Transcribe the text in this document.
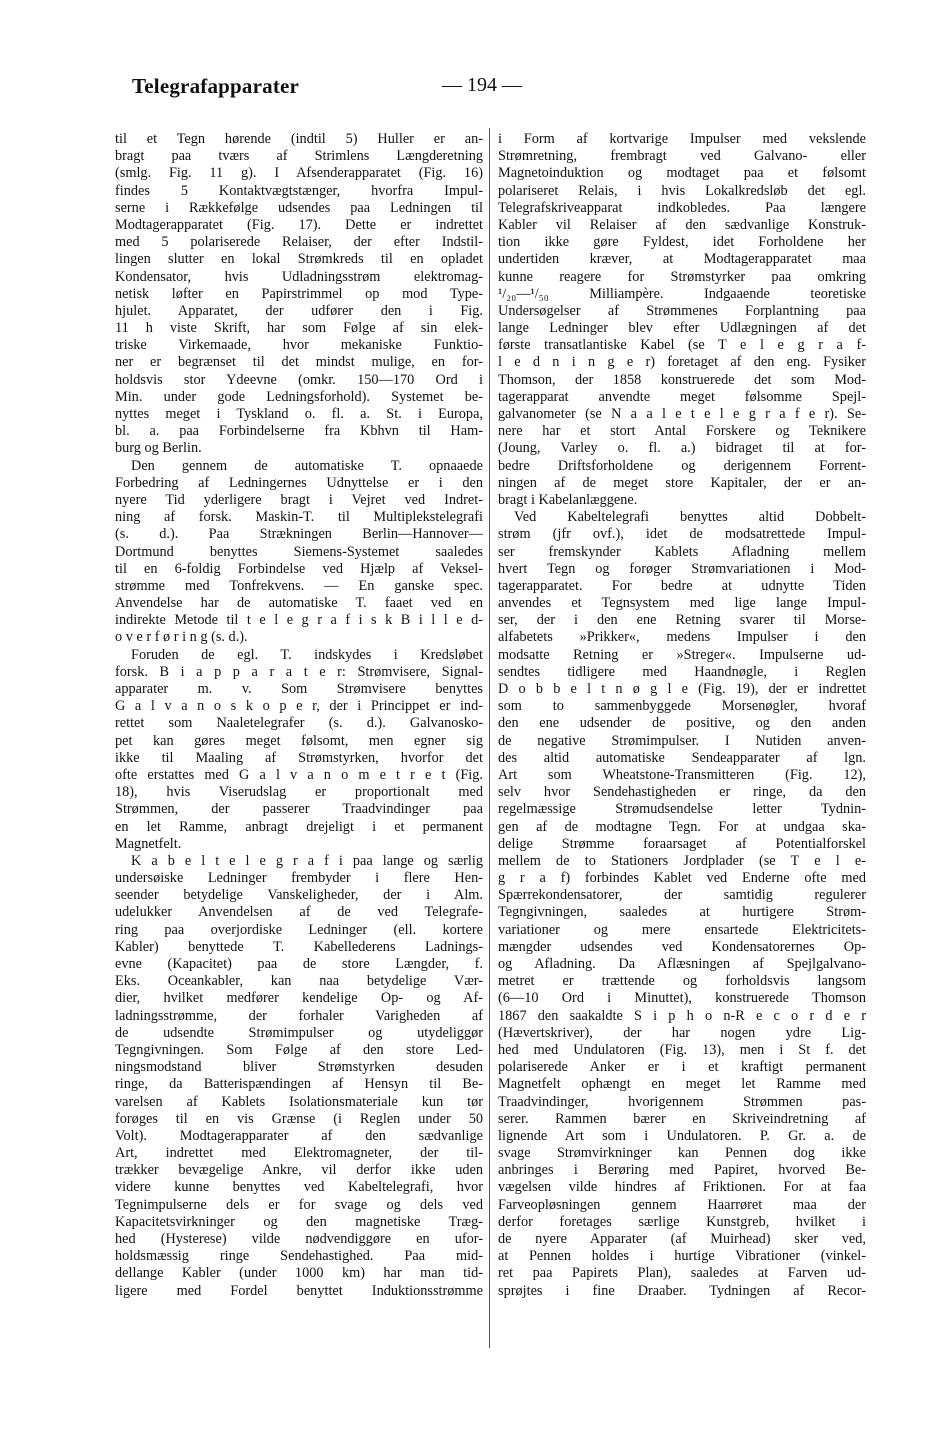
Telegrafapparater	— 194 —
til et Tegn hørende (indtil 5) Huller er an-
bragt paa tværs af Strimlens Længderetning
(smlg. Fig. 11 g). I Afsenderapparatet (Fig. 16)
findes 5 Kontaktvægtstænger, hvorfra Impul-
serne i Rækkefølge udsendes paa Ledningen til
Modtagerapparatet (Fig. 17). Dette er indrettet
med 5 polariserede Relaiser, der efter Indstil-
lingen slutter en lokal Strømkreds til en opladet
Kondensator, hvis Udladningsstrøm elektromag-
netisk løfter en Papirstrimmel op mod Type-
hjulet. Apparatet, der udfører den i Fig.
11 h viste Skrift, har som Følge af sin elek-
triske Virkemaade, hvor mekaniske Funktio-
ner er begrænset til det mindst mulige, en for-
holdsvis stor Ydeevne (omkr. 150—170 Ord i
Min. under gode Ledningsforhold). Systemet be-
nyttes meget i Tyskland o. fl. a. St. i Europa,
bl. a. paa Forbindelserne fra Kbhvn til Ham-
burg og Berlin.
Den gennem de automatiske T. opnaaede
Forbedring af Ledningernes Udnyttelse er i den
nyere Tid yderligere bragt i Vejret ved Indret-
ning af forsk. Maskin-T. til Multiplekstelegrafi
(s. d.). Paa Strækningen Berlin—Hannover—
Dortmund benyttes Siemens-Systemet saaledes
til en 6-foldig Forbindelse ved Hjælp af Veksel-
strømme med Tonfrekvens. — En ganske spec.
Anvendelse har de automatiske T. faaet ved en
indirekte Metode til t e l e g r a f i s k B i l l e d-
o v e r f ø r i n g (s. d.).
Foruden de egl. T. indskydes i Kredsløbet
forsk. B i a p p a r a t e r: Strømvisere, Signal-
apparater m. v. Som Strømvisere benyttes
G a l v a n o s k o p e r, der i Princippet er ind-
rettet som Naaletelegrafer (s. d.). Galvanosko-
pet kan gøres meget følsomt, men egner sig
ikke til Maaling af Strømstyrken, hvorfor det
ofte erstattes med G a l v a n o m e t r e t (Fig.
18), hvis Viserudslag er proportionalt med
Strømmen, der passerer Traadvindinger paa
en let Ramme, anbragt drejeligt i et permanent
Magnetfelt.
K a b e l t e l e g r a f i paa lange og særlig
undersøiske Ledninger frembyder i flere Hen-
seender betydelige Vanskeligheder, der i Alm.
udelukker Anvendelsen af de ved Telegrafe-
ring paa overjordiske Ledninger (ell. kortere
Kabler) benyttede T. Kabellederens Ladnings-
evne (Kapacitet) paa de store Længder, f.
Eks. Oceankabler, kan naa betydelige Vær-
dier, hvilket medfører kendelige Op- og Af-
ladningsstrømme, der forhaler Varigheden af
de udsendte Strømimpulser og utydeliggør
Tegngivningen. Som Følge af den store Led-
ningsmodstand bliver Strømstyrken desuden
ringe, da Batterispændingen af Hensyn til Be-
varelsen af Kablets Isolationsmateriale kun tør
forøges til en vis Grænse (i Reglen under 50
Volt). Modtagerapparater af den sædvanlige
Art, indrettet med Elektromagneter, der til-
trækker bevægelige Ankre, vil derfor ikke uden
videre kunne benyttes ved Kabeltelegrafi, hvor
Tegnimpulserne dels er for svage og dels ved
Kapacitetsvirkninger og den magnetiske Træg-
hed (Hysterese) vilde nødvendiggøre en ufor-
holdsmæssig ringe Sendehastighed. Paa mid-
dellange Kabler (under 1000 km) har man tid-
ligere med Fordel benyttet Induktionsstrømme
i Form af kortvarige Impulser med vekslende
Strømretning, frembragt ved Galvano- eller
Magnetoinduktion og modtaget paa et følsomt
polariseret Relais, i hvis Lokalkredsløb det egl.
Telegrafskriveapparat indkobledes. Paa længere
Kabler vil Relaiser af den sædvanlige Konstruk-
tion ikke gøre Fyldest, idet Forholdene her
undertiden kræver, at Modtagerapparatet maa
kunne reagere for Strømstyrker paa omkring
¹/₂₀—¹/₅₀ Milliampère. Indgaaende teoretiske
Undersøgelser af Strømmenes Forplantning paa
lange Ledninger blev efter Udlægningen af det
første transatlantiske Kabel (se T e l e g r a f-
l e d n i n g e r) foretaget af den eng. Fysiker
Thomson, der 1858 konstruerede det som Mod-
tagerapparat anvendte meget følsomme Spejl-
galvanometer (se N a a l e t e l e g r a f e r). Se-
nere har et stort Antal Forskere og Teknikere
(Joung, Varley o. fl. a.) bidraget til at for-
bedre Driftsforholdene og derigennem Forrent-
ningen af de meget store Kapitaler, der er an-
bragt i Kabelanlæggene.
Ved Kabeltelegrafi benyttes altid Dobbelt-
strøm (jfr ovf.), idet de modsatrettede Impul-
ser fremskynder Kablets Afladning mellem
hvert Tegn og forøger Strømvariationen i Mod-
tagerapparatet. For bedre at udnytte Tiden
anvendes et Tegnsystem med lige lange Impul-
ser, der i den ene Retning svarer til Morse-
alfabetets »Prikker«, medens Impulser i den
modsatte Retning er »Streger«. Impulserne ud-
sendtes tidligere med Haandnøgle, i Reglen
D o b b e l t n ø g l e (Fig. 19), der er indrettet
som to sammenbyggede Morsenøgler, hvoraf
den ene udsender de positive, og den anden
de negative Strømimpulser. I Nutiden anven-
des altid automatiske Sendeapparater af lgn.
Art som Wheatstone-Transmitteren (Fig. 12),
selv hvor Sendehastigheden er ringe, da den
regelmæssige Strømudsendelse letter Tydnin-
gen af de modtagne Tegn. For at undgaa ska-
delige Strømme foraarsaget af Potentialforskel
mellem de to Stationers Jordplader (se T e l e-
g r a f) forbindes Kablet ved Enderne ofte med
Spærrekondensatorer, der samtidig regulerer
Tegngivningen, saaledes at hurtigere Strøm-
variationer og mere ensartede Elektricitets-
mængder udsendes ved Kondensatorernes Op-
og Afladning. Da Aflæsningen af Spejlgalvano-
metret er trættende og forholdsvis langsom
(6—10 Ord i Minuttet), konstruerede Thomson
1867 den saakaldte S i p h o n-R e c o r d e r
(Hævertskriver), der har nogen ydre Lig-
hed med Undulatoren (Fig. 13), men i St f. det
polariserede Anker er i et kraftigt permanent
Magnetfelt ophængt en meget let Ramme med
Traadvindinger, hvorigennem Strømmen pas-
serer. Rammen bærer en Skriveindretning af
lignende Art som i Undulatoren. P. Gr. a. de
svage Strømvirkninger kan Pennen dog ikke
anbringes i Berøring med Papiret, hvorved Be-
vægelsen vilde hindres af Friktionen. For at faa
Farveopløsningen gennem Haarrøret maa der
derfor foretages særlige Kunstgreb, hvilket i
de nyere Apparater (af Muirhead) sker ved,
at Pennen holdes i hurtige Vibrationer (vinkel-
ret paa Papirets Plan), saaledes at Farven ud-
sprøjtes i fine Draaber. Tydningen af Recor-
